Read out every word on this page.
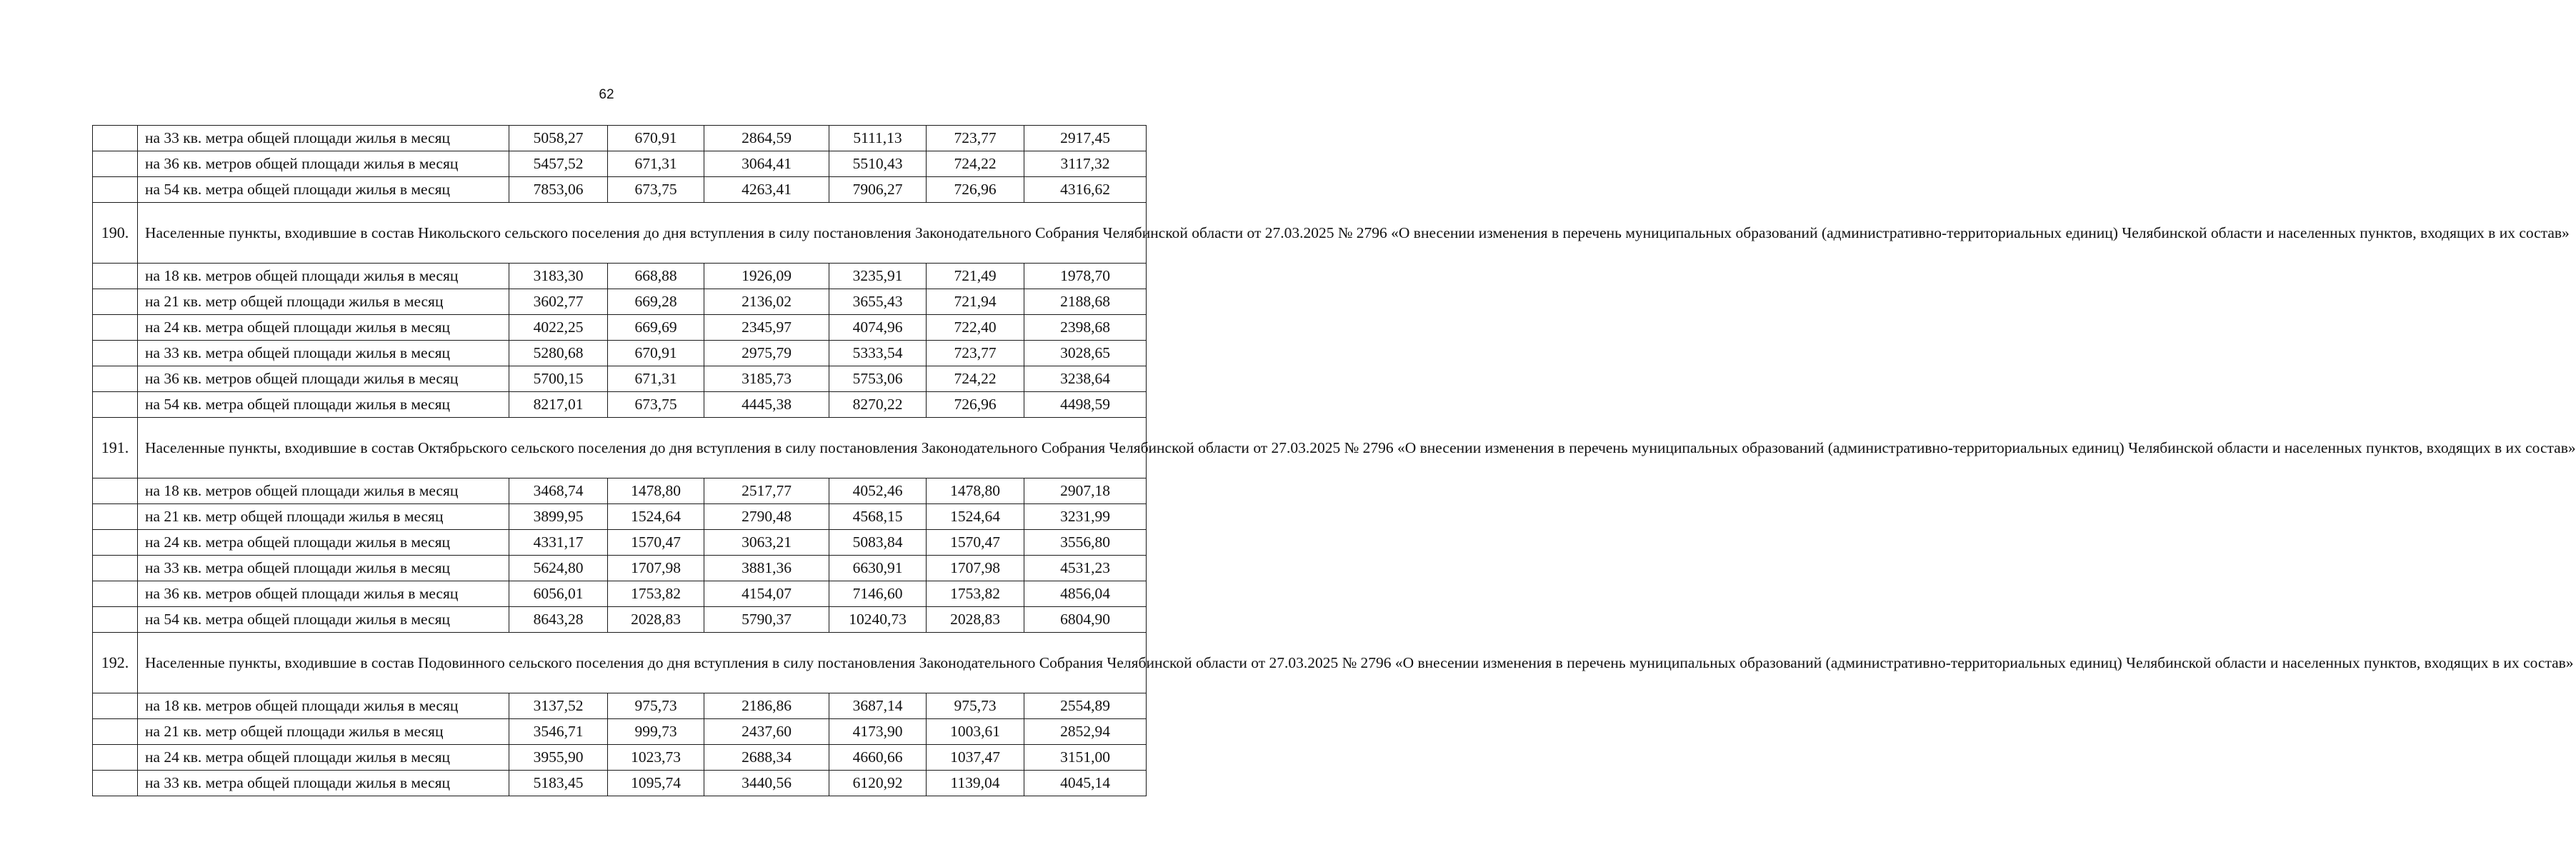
62
	на 33 кв. метра общей площади жилья в месяц	5058,27	670,91	2864,59	5111,13	723,77	2917,45
	на 36 кв. метров общей площади жилья в месяц	5457,52	671,31	3064,41	5510,43	724,22	3117,32
	на 54 кв. метра общей площади жилья в месяц	7853,06	673,75	4263,41	7906,27	726,96	4316,62
190.	Населенные пункты, входившие в состав Никольского сельского поселения до дня вступления в силу постановления Законодательного Собрания Челябинской области от 27.03.2025 № 2796 «О внесении изменения в перечень муниципальных образований (административно-территориальных единиц) Челябинской области и населенных пунктов, входящих в их состав»						
	на 18 кв. метров общей площади жилья в месяц	3183,30	668,88	1926,09	3235,91	721,49	1978,70
	на 21 кв. метр общей площади жилья в месяц	3602,77	669,28	2136,02	3655,43	721,94	2188,68
	на 24 кв. метра общей площади жилья в месяц	4022,25	669,69	2345,97	4074,96	722,40	2398,68
	на 33 кв. метра общей площади жилья в месяц	5280,68	670,91	2975,79	5333,54	723,77	3028,65
	на 36 кв. метров общей площади жилья в месяц	5700,15	671,31	3185,73	5753,06	724,22	3238,64
	на 54 кв. метра общей площади жилья в месяц	8217,01	673,75	4445,38	8270,22	726,96	4498,59
191.	Населенные пункты, входившие в состав Октябрьского сельского поселения до дня вступления в силу постановления Законодательного Собрания Челябинской области от 27.03.2025 № 2796 «О внесении изменения в перечень муниципальных образований (административно-территориальных единиц) Челябинской области и населенных пунктов, входящих в их состав»						
	на 18 кв. метров общей площади жилья в месяц	3468,74	1478,80	2517,77	4052,46	1478,80	2907,18
	на 21 кв. метр общей площади жилья в месяц	3899,95	1524,64	2790,48	4568,15	1524,64	3231,99
	на 24 кв. метра общей площади жилья в месяц	4331,17	1570,47	3063,21	5083,84	1570,47	3556,80
	на 33 кв. метра общей площади жилья в месяц	5624,80	1707,98	3881,36	6630,91	1707,98	4531,23
	на 36 кв. метров общей площади жилья в месяц	6056,01	1753,82	4154,07	7146,60	1753,82	4856,04
	на 54 кв. метра общей площади жилья в месяц	8643,28	2028,83	5790,37	10240,73	2028,83	6804,90
192.	Населенные пункты, входившие в состав Подовинного сельского поселения до дня вступления в силу постановления Законодательного Собрания Челябинской области от 27.03.2025 № 2796 «О внесении изменения в перечень муниципальных образований (административно-территориальных единиц) Челябинской области и населенных пунктов, входящих в их состав»						
	на 18 кв. метров общей площади жилья в месяц	3137,52	975,73	2186,86	3687,14	975,73	2554,89
	на 21 кв. метр общей площади жилья в месяц	3546,71	999,73	2437,60	4173,90	1003,61	2852,94
	на 24 кв. метра общей площади жилья в месяц	3955,90	1023,73	2688,34	4660,66	1037,47	3151,00
	на 33 кв. метра общей площади жилья в месяц	5183,45	1095,74	3440,56	6120,92	1139,04	4045,14
